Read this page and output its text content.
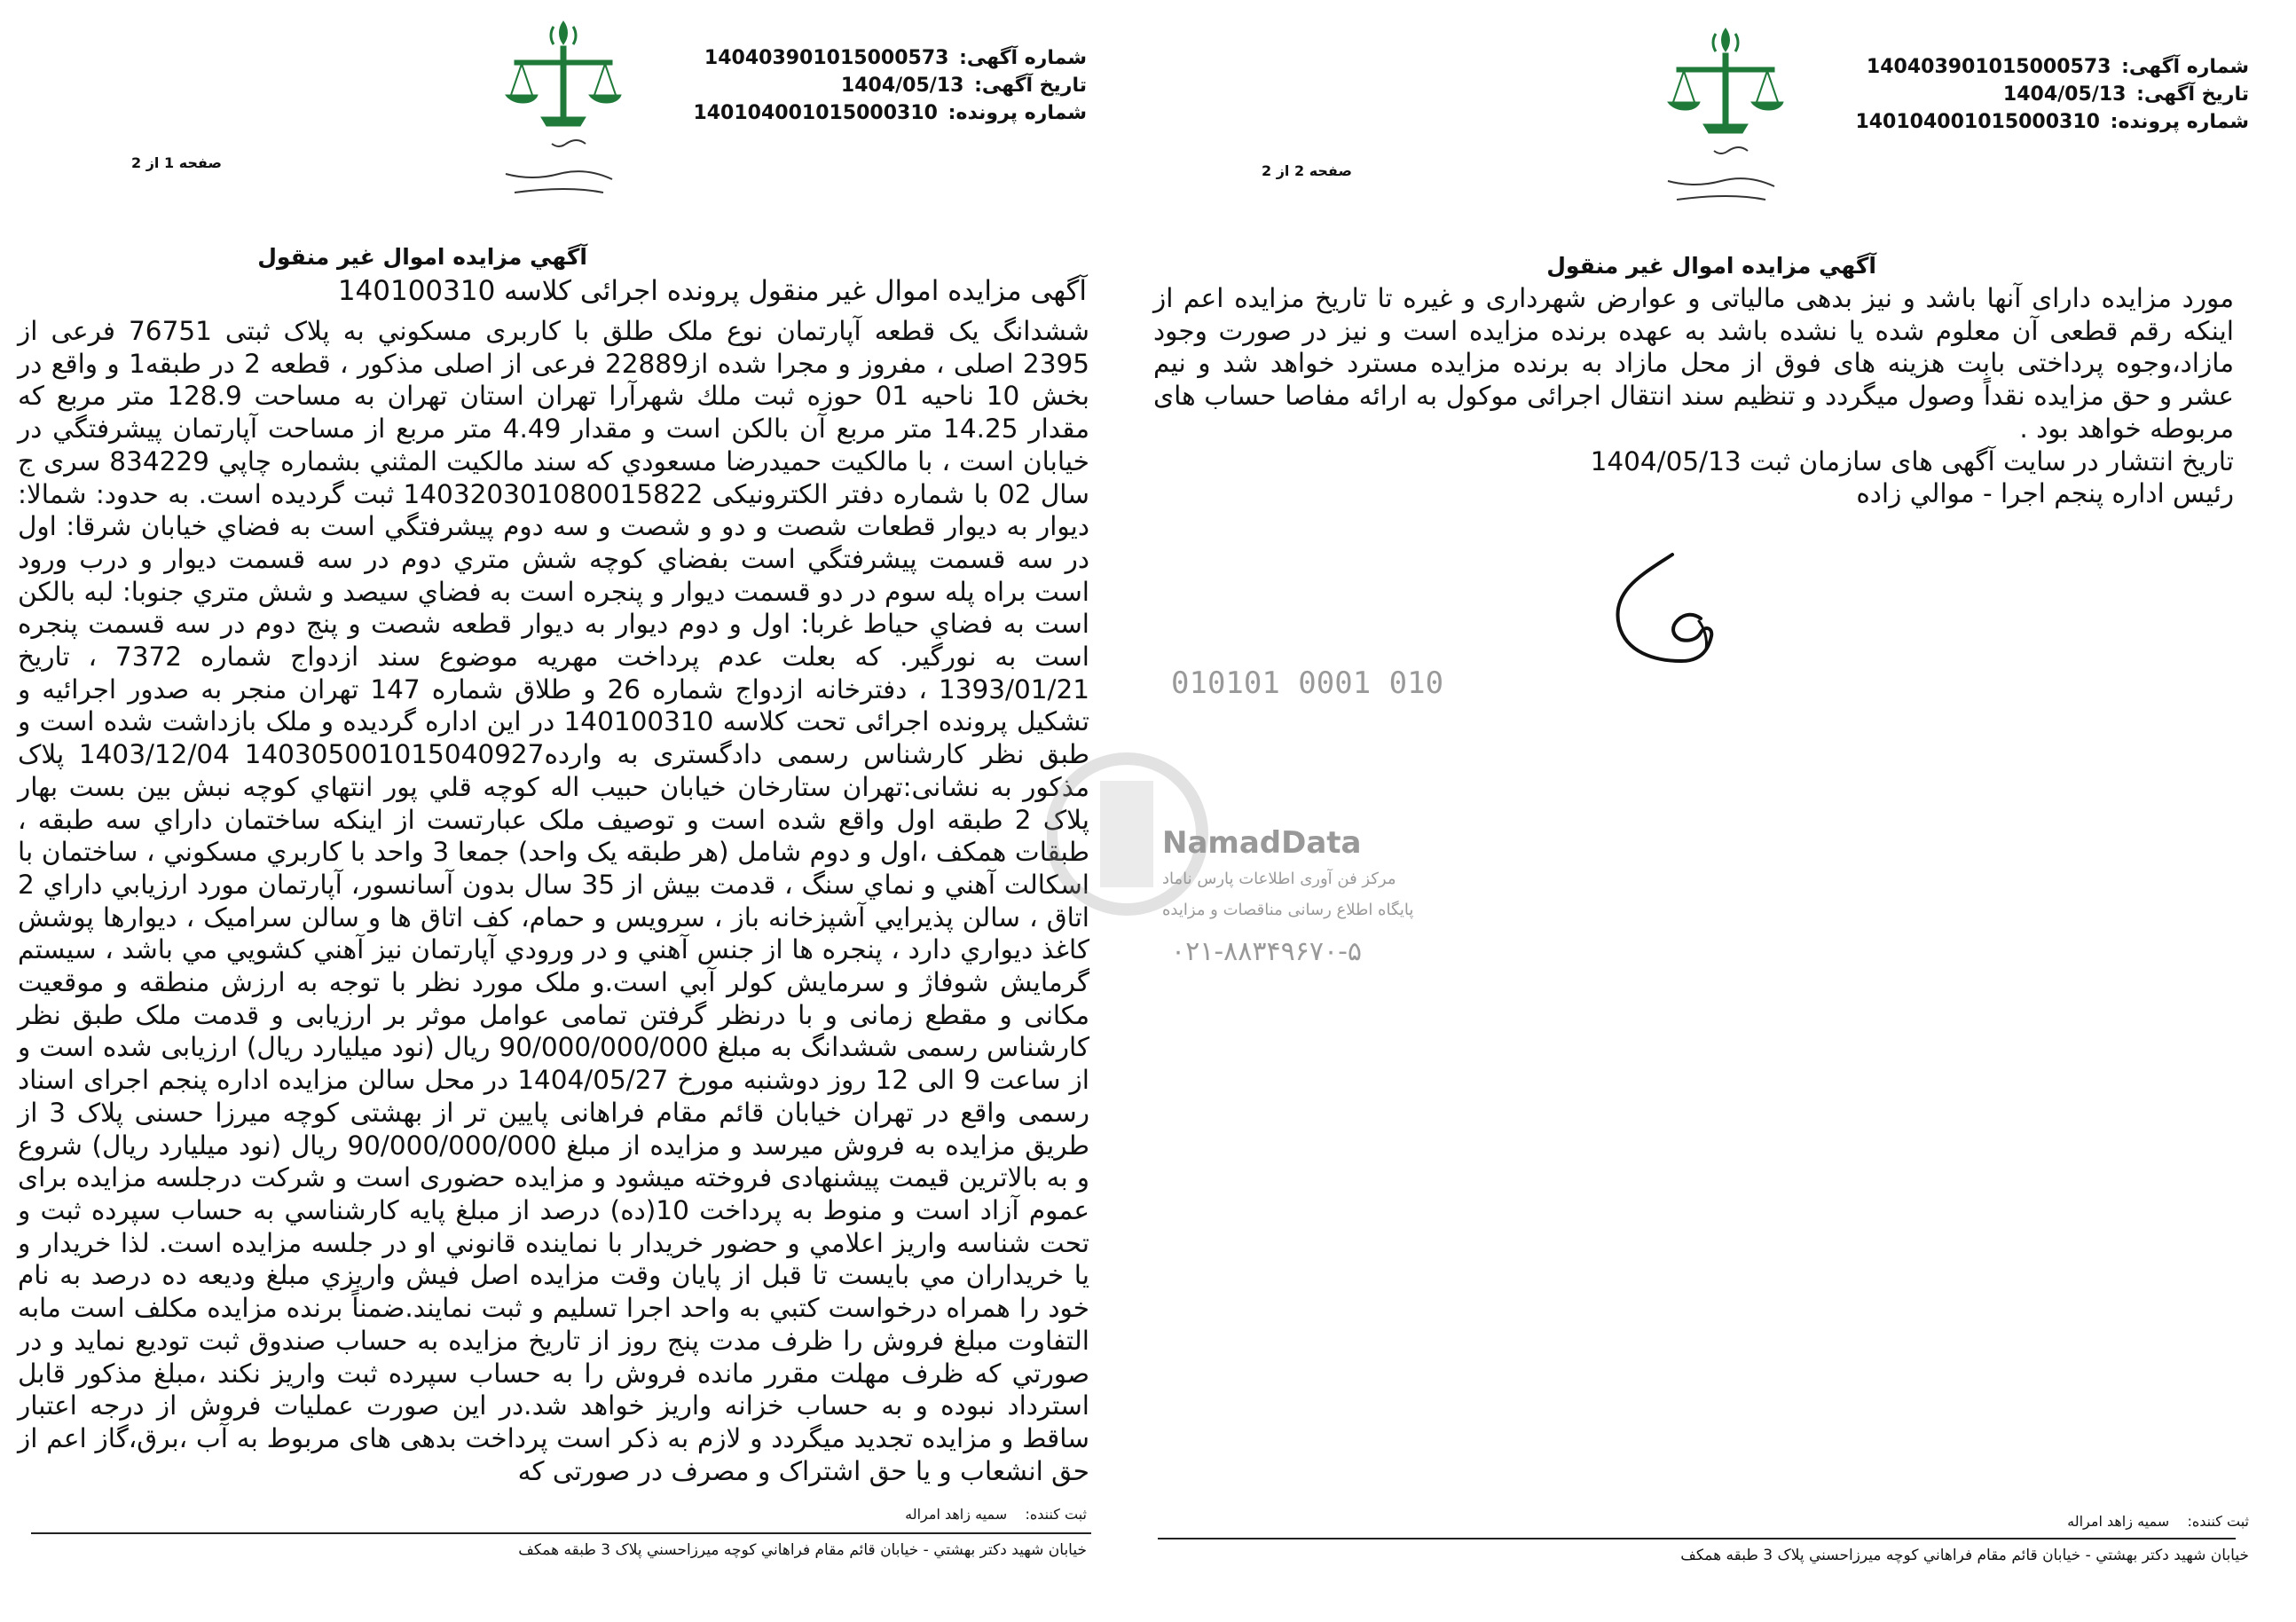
شماره آگهی: 140403901015000573
تاریخ آگهی: 1404/05/13
شماره پرونده: 140104001015000310
صفحه 1 از 2
آگهي مزايده اموال غير منقول
آگهی مزایده اموال غیر منقول پرونده اجرائی کلاسه 140100310

ششدانگ یک قطعه آپارتمان نوع ملک طلق با کاربری مسکوني به پلاک ثبتی 76751 فرعی از 2395 اصلی ، مفروز و مجرا شده از22889 فرعی از اصلی مذکور ، قطعه 2 در طبقه1 و واقع در بخش 10 ناحیه 01 حوزه ثبت ملك شهرآرا تهران استان تهران به مساحت 128.9 متر مربع که مقدار 14.25 متر مربع آن بالکن است و مقدار 4.49 متر مربع از مساحت آپارتمان پیشرفتگي در خیابان است ، با مالکیت حمیدرضا مسعودي که سند مالکیت المثني بشماره چاپي 834229 سری ج سال 02 با شماره دفتر الکترونیکی 140320301080015822 ثبت گردیده است. به حدود: شمالا: دیوار به دیوار قطعات شصت و دو و شصت و سه دوم پیشرفتگي است به فضاي خیابان شرقا: اول در سه قسمت پیشرفتگي است بفضاي کوچه شش متري دوم در سه قسمت دیوار و درب ورود است براه پله سوم در دو قسمت دیوار و پنجره است به فضاي سیصد و شش متري جنوبا: لبه بالکن است به فضاي حیاط غربا: اول و دوم دیوار به دیوار قطعه شصت و پنج دوم در سه قسمت پنجره است به نورگیر. که بعلت عدم پرداخت مهریه موضوع سند ازدواج شماره 7372 ، تاریخ 1393/01/21 ، دفترخانه ازدواج شماره 26 و طلاق شماره 147 تهران منجر به صدور اجرائیه و تشکیل پرونده اجرائی تحت کلاسه 140100310 در این اداره گردیده و ملک بازداشت شده است و طبق نظر کارشناس رسمی دادگستری به وارده140305001015040927 1403/12/04 پلاک مذکور به نشانی:تهران ستارخان خیابان حبیب اله کوچه قلي پور انتهاي کوچه نبش بین بست بهار پلاک 2 طبقه اول واقع شده است و توصیف ملک عبارتست از اینکه ساختمان داراي سه طبقه ، طبقات همکف ،اول و دوم شامل (هر طبقه یک واحد) جمعا 3 واحد با کاربري مسکوني ، ساختمان با اسکالت آهني و نماي سنگ ، قدمت بیش از 35 سال بدون آسانسور، آپارتمان مورد ارزیابي داراي 2 اتاق ، سالن پذیرایي آشپزخانه باز ، سرویس و حمام، کف اتاق ها و سالن سرامیک ، دیوارها پوشش کاغذ دیواري دارد ، پنجره ها از جنس آهني و در ورودي آپارتمان نیز آهني کشویي مي باشد ، سیستم گرمایش شوفاژ و سرمایش کولر آبي است.و ملک مورد نظر با توجه به ارزش منطقه و موقعیت مکانی و مقطع زمانی و با درنظر گرفتن تمامی عوامل موثر بر ارزیابی و قدمت ملک طبق نظر کارشناس رسمی ششدانگ به مبلغ 90/000/000/000 ریال (نود میلیارد ریال) ارزیابی شده است و از ساعت 9 الی 12 روز دوشنبه مورخ 1404/05/27 در محل سالن مزایده اداره پنجم اجرای اسناد رسمی واقع در تهران خیابان قائم مقام فراهانی پایین تر از بهشتی کوچه میرزا حسنی پلاک 3 از طریق مزایده به فروش میرسد و مزایده از مبلغ 90/000/000/000 ریال (نود میلیارد ریال) شروع و به بالاترین قیمت پیشنهادی فروخته میشود و مزایده حضوری است و شرکت درجلسه مزایده برای عموم آزاد است و منوط به پرداخت 10(ده) درصد از مبلغ پایه کارشناسي به حساب سپرده ثبت و تحت شناسه واریز اعلامي و حضور خریدار با نماینده قانوني او در جلسه مزایده است. لذا خریدار و یا خریداران مي بایست تا قبل از پایان وقت مزایده اصل فیش واریزي مبلغ ودیعه ده درصد به نام خود را همراه درخواست کتبي به واحد اجرا تسلیم و ثبت نمایند.ضمناً برنده مزایده مکلف است مابه التفاوت مبلغ فروش را ظرف مدت پنج روز از تاریخ مزایده به حساب صندوق ثبت تودیع نماید و در صورتي که ظرف مهلت مقرر مانده فروش را به حساب سپرده ثبت واریز نکند ،مبلغ مذکور قابل استرداد نبوده و به حساب خزانه واریز خواهد شد.در این صورت عملیات فروش از درجه اعتبار ساقط و مزایده تجدید میگردد و لازم به ذکر است پرداخت بدهی های مربوط به آب ،برق،گاز اعم از حق انشعاب و یا حق اشتراک و مصرف در صورتی که

ثبت کننده:    سمیه زاهد امراله
خيابان شهيد دکتر بهشتي - خيابان قائم مقام فراهاني کوچه ميرزاحسني پلاک 3 طبقه همکف
010101 0001 010
NamadData
مرکز فن آوری اطلاعات پارس ناماد
پایگاه اطلاع رسانی مناقصات و مزایده
۰۲۱-۸۸۳۴۹۶۷۰-۵
شماره آگهی: 140403901015000573
تاریخ آگهی: 1404/05/13
شماره پرونده: 140104001015000310
صفحه 2 از 2
آگهي مزايده اموال غير منقول

مورد مزایده دارای آنها باشد و نیز بدهی مالیاتی و عوارض شهرداری و غیره تا تاریخ مزایده اعم از اینکه رقم قطعی آن معلوم شده یا نشده باشد به عهده برنده مزایده است و نیز در صورت وجود مازاد،وجوه پرداختی بابت هزینه های فوق از محل مازاد به برنده مزایده مسترد خواهد شد و نیم عشر و حق مزایده نقداً وصول میگردد و تنظیم سند انتقال اجرائی موکول به ارائه مفاصا حساب های مربوطه خواهد بود .

تاریخ انتشار در سایت آگهی های سازمان ثبت 1404/05/13

رئیس اداره پنجم اجرا - موالي زاده

ثبت کننده:    سمیه زاهد امراله
خيابان شهيد دکتر بهشتي - خيابان قائم مقام فراهاني کوچه ميرزاحسني پلاک 3 طبقه همکف
